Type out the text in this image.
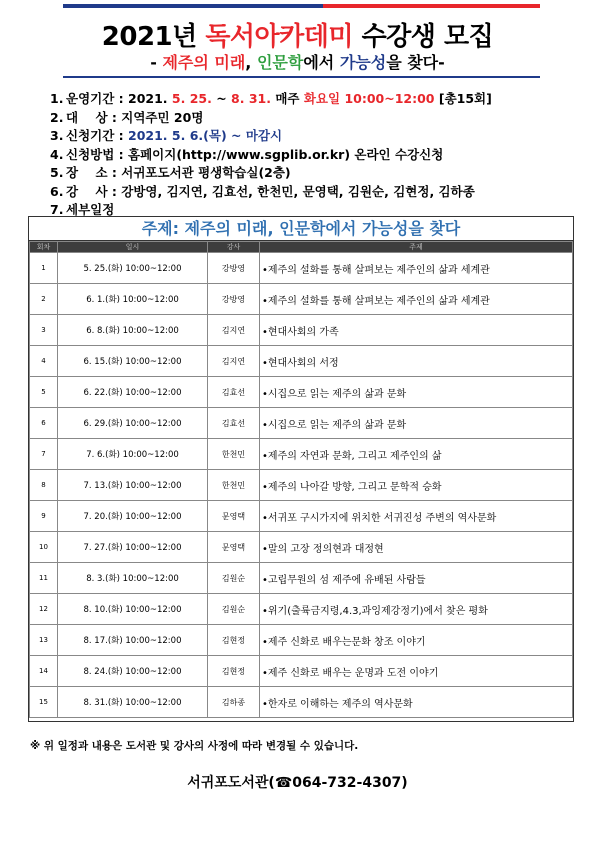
2021년 독서아카데미 수강생 모집
- 제주의 미래, 인문학에서 가능성을 찾다-
1. 운영기간 : 2021. 5. 25. ~ 8. 31. 매주 화요일 10:00~12:00 [총15회]
2. 대    상 : 지역주민 20명
3. 신청기간 : 2021. 5. 6.(목) ~ 마감시
4. 신청방법 : 홈페이지(http://www.sgplib.or.kr) 온라인 수강신청
5. 장    소 : 서귀포도서관 평생학습실(2층)
6. 강    사 : 강방영, 김지연, 김효선, 한천민, 문영택, 김원순, 김현정, 김하종
7. 세부일정
주제: 제주의 미래, 인문학에서 가능성을 찾다
회차	일시	강사	주제
1	5. 25.(화) 10:00~12:00	강방영	•제주의 설화를 통해 살펴보는 제주인의 삶과 세계관
2	6. 1.(화) 10:00~12:00	강방영	•제주의 설화를 통해 살펴보는 제주인의 삶과 세계관
3	6. 8.(화) 10:00~12:00	김지연	•현대사회의 가족
4	6. 15.(화) 10:00~12:00	김지연	•현대사회의 서정
5	6. 22.(화) 10:00~12:00	김효선	•시집으로 읽는 제주의 삶과 문화
6	6. 29.(화) 10:00~12:00	김효선	•시집으로 읽는 제주의 삶과 문화
7	7. 6.(화) 10:00~12:00	한천민	•제주의 자연과 문화, 그리고 제주인의 삶
8	7. 13.(화) 10:00~12:00	한천민	•제주의 나아갈 방향, 그리고 문학적 승화
9	7. 20.(화) 10:00~12:00	문영택	•서귀포 구시가지에 위치한 서귀진성 주변의 역사문화
10	7. 27.(화) 10:00~12:00	문영택	•말의 고장 정의현과 대정현
11	8. 3.(화) 10:00~12:00	김원순	•고립무원의 섬 제주에 유배된 사람들
12	8. 10.(화) 10:00~12:00	김원순	•위기(출륙금지령,4.3,과잉제강정기)에서 찾은 평화
13	8. 17.(화) 10:00~12:00	김현정	•제주 신화로 배우는문화 창조 이야기
14	8. 24.(화) 10:00~12:00	김현정	•제주 신화로 배우는 운명과 도전 이야기
15	8. 31.(화) 10:00~12:00	김하종	•한자로 이해하는 제주의 역사문화
※ 위 일정과 내용은 도서관 및 강사의 사정에 따라 변경될 수 있습니다.
서귀포도서관(☎064-732-4307)
